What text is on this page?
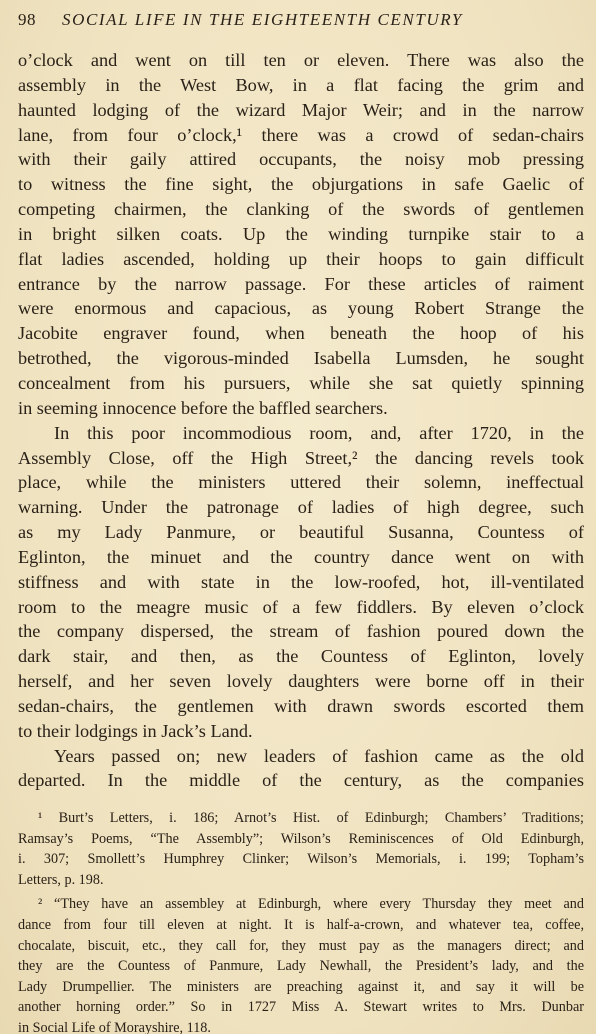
98 SOCIAL LIFE IN THE EIGHTEENTH CENTURY
o’clock and went on till ten or eleven. There was also the
assembly in the West Bow, in a flat facing the grim and
haunted lodging of the wizard Major Weir; and in the narrow
lane, from four o’clock,¹ there was a crowd of sedan-chairs
with their gaily attired occupants, the noisy mob pressing
to witness the fine sight, the objurgations in safe Gaelic of
competing chairmen, the clanking of the swords of gentlemen
in bright silken coats. Up the winding turnpike stair to a
flat ladies ascended, holding up their hoops to gain difficult
entrance by the narrow passage. For these articles of raiment
were enormous and capacious, as young Robert Strange the
Jacobite engraver found, when beneath the hoop of his
betrothed, the vigorous-minded Isabella Lumsden, he sought
concealment from his pursuers, while she sat quietly spinning
in seeming innocence before the baffled searchers.
In this poor incommodious room, and, after 1720, in the
Assembly Close, off the High Street,² the dancing revels took
place, while the ministers uttered their solemn, ineffectual
warning. Under the patronage of ladies of high degree, such
as my Lady Panmure, or beautiful Susanna, Countess of
Eglinton, the minuet and the country dance went on with
stiffness and with state in the low-roofed, hot, ill-ventilated
room to the meagre music of a few fiddlers. By eleven o’clock
the company dispersed, the stream of fashion poured down the
dark stair, and then, as the Countess of Eglinton, lovely
herself, and her seven lovely daughters were borne off in their
sedan-chairs, the gentlemen with drawn swords escorted them
to their lodgings in Jack’s Land.
Years passed on; new leaders of fashion came as the old
departed. In the middle of the century, as the companies
¹ Burt’s Letters, i. 186; Arnot’s Hist. of Edinburgh; Chambers’ Traditions;
Ramsay’s Poems, “The Assembly”; Wilson’s Reminiscences of Old Edinburgh,
i. 307; Smollett’s Humphrey Clinker; Wilson’s Memorials, i. 199; Topham’s
Letters, p. 198.
² “They have an assembley at Edinburgh, where every Thursday they meet and
dance from four till eleven at night. It is half-a-crown, and whatever tea, coffee,
chocalate, biscuit, etc., they call for, they must pay as the managers direct; and
they are the Countess of Panmure, Lady Newhall, the President’s lady, and the
Lady Drumpellier. The ministers are preaching against it, and say it will be
another horning order.” So in 1727 Miss A. Stewart writes to Mrs. Dunbar
in Social Life of Morayshire, 118.
